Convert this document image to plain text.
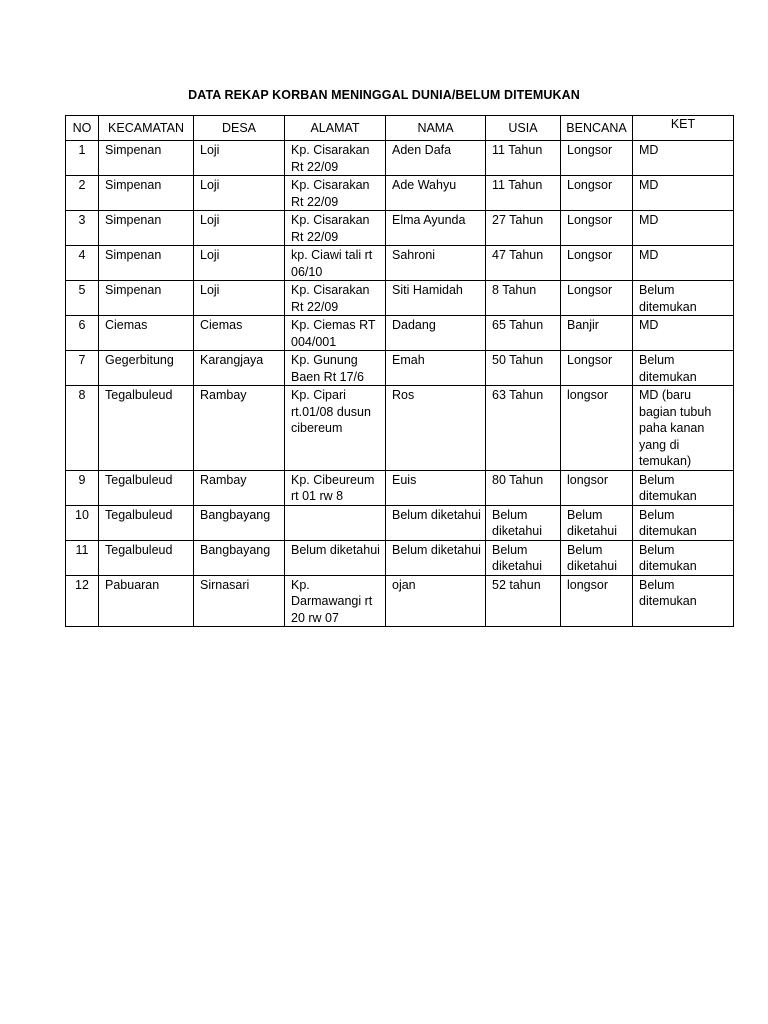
DATA REKAP KORBAN MENINGGAL DUNIA/BELUM DITEMUKAN
NO	KECAMATAN	DESA	ALAMAT	NAMA	USIA	BENCANA	KET
1	Simpenan	Loji	Kp. Cisarakan Rt 22/09	Aden Dafa	11 Tahun	Longsor	MD
2	Simpenan	Loji	Kp. Cisarakan Rt 22/09	Ade Wahyu	11 Tahun	Longsor	MD
3	Simpenan	Loji	Kp. Cisarakan Rt 22/09	Elma Ayunda	27 Tahun	Longsor	MD
4	Simpenan	Loji	kp. Ciawi tali rt 06/10	Sahroni	47 Tahun	Longsor	MD
5	Simpenan	Loji	Kp. Cisarakan Rt 22/09	Siti Hamidah	8 Tahun	Longsor	Belum ditemukan
6	Ciemas	Ciemas	Kp. Ciemas RT 004/001	Dadang	65 Tahun	Banjir	MD
7	Gegerbitung	Karangjaya	Kp. Gunung Baen Rt 17/6	Emah	50 Tahun	Longsor	Belum ditemukan
8	Tegalbuleud	Rambay	Kp. Cipari rt.01/08 dusun cibereum	Ros	63 Tahun	longsor	MD (baru bagian tubuh paha kanan yang di temukan)
9	Tegalbuleud	Rambay	Kp. Cibeureum rt 01 rw 8	Euis	80 Tahun	longsor	Belum ditemukan
10	Tegalbuleud	Bangbayang		Belum diketahui	Belum diketahui	Belum diketahui	Belum ditemukan
11	Tegalbuleud	Bangbayang	Belum diketahui	Belum diketahui	Belum diketahui	Belum diketahui	Belum ditemukan
12	Pabuaran	Sirnasari	Kp. Darmawangi rt 20 rw 07	ojan	52 tahun	longsor	Belum ditemukan
